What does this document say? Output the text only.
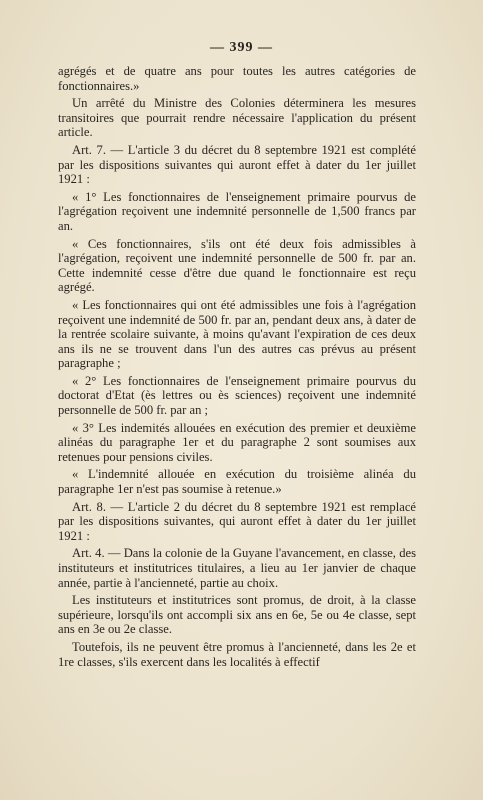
— 399 —

agrégés et de quatre ans pour toutes les autres catégories de fonctionnaires.»

Un arrêté du Ministre des Colonies déterminera les mesures transitoires que pourrait rendre nécessaire l'application du présent article.

Art. 7. — L'article 3 du décret du 8 septembre 1921 est complété par les dispositions suivantes qui auront effet à dater du 1er juillet 1921 :

« 1° Les fonctionnaires de l'enseignement primaire pourvus de l'agrégation reçoivent une indemnité personnelle de 1,500 francs par an.

« Ces fonctionnaires, s'ils ont été deux fois admissibles à l'agrégation, reçoivent une indemnité personnelle de 500 fr. par an. Cette indemnité cesse d'être due quand le fonctionnaire est reçu agrégé.

« Les fonctionnaires qui ont été admissibles une fois à l'agrégation reçoivent une indemnité de 500 fr. par an, pendant deux ans, à dater de la rentrée scolaire suivante, à moins qu'avant l'expiration de ces deux ans ils ne se trouvent dans l'un des autres cas prévus au présent paragraphe ;

« 2° Les fonctionnaires de l'enseignement primaire pourvus du doctorat d'Etat (ès lettres ou ès sciences) reçoivent une indemnité personnelle de 500 fr. par an ;

« 3° Les indemités allouées en exécution des premier et deuxième alinéas du paragraphe 1er et du paragraphe 2 sont soumises aux retenues pour pensions civiles.

« L'indemnité allouée en exécution du troisième alinéa du paragraphe 1er n'est pas soumise à retenue.»

Art. 8. — L'article 2 du décret du 8 septembre 1921 est remplacé par les dispositions suivantes, qui auront effet à dater du 1er juillet 1921 :

Art. 4. — Dans la colonie de la Guyane l'avancement, en classe, des instituteurs et institutrices titulaires, a lieu au 1er janvier de chaque année, partie à l'ancienneté, partie au choix.

Les instituteurs et institutrices sont promus, de droit, à la classe supérieure, lorsqu'ils ont accompli six ans en 6e, 5e ou 4e classe, sept ans en 3e ou 2e classe.

Toutefois, ils ne peuvent être promus à l'ancienneté, dans les 2e et 1re classes, s'ils exercent dans les localités à effectif
